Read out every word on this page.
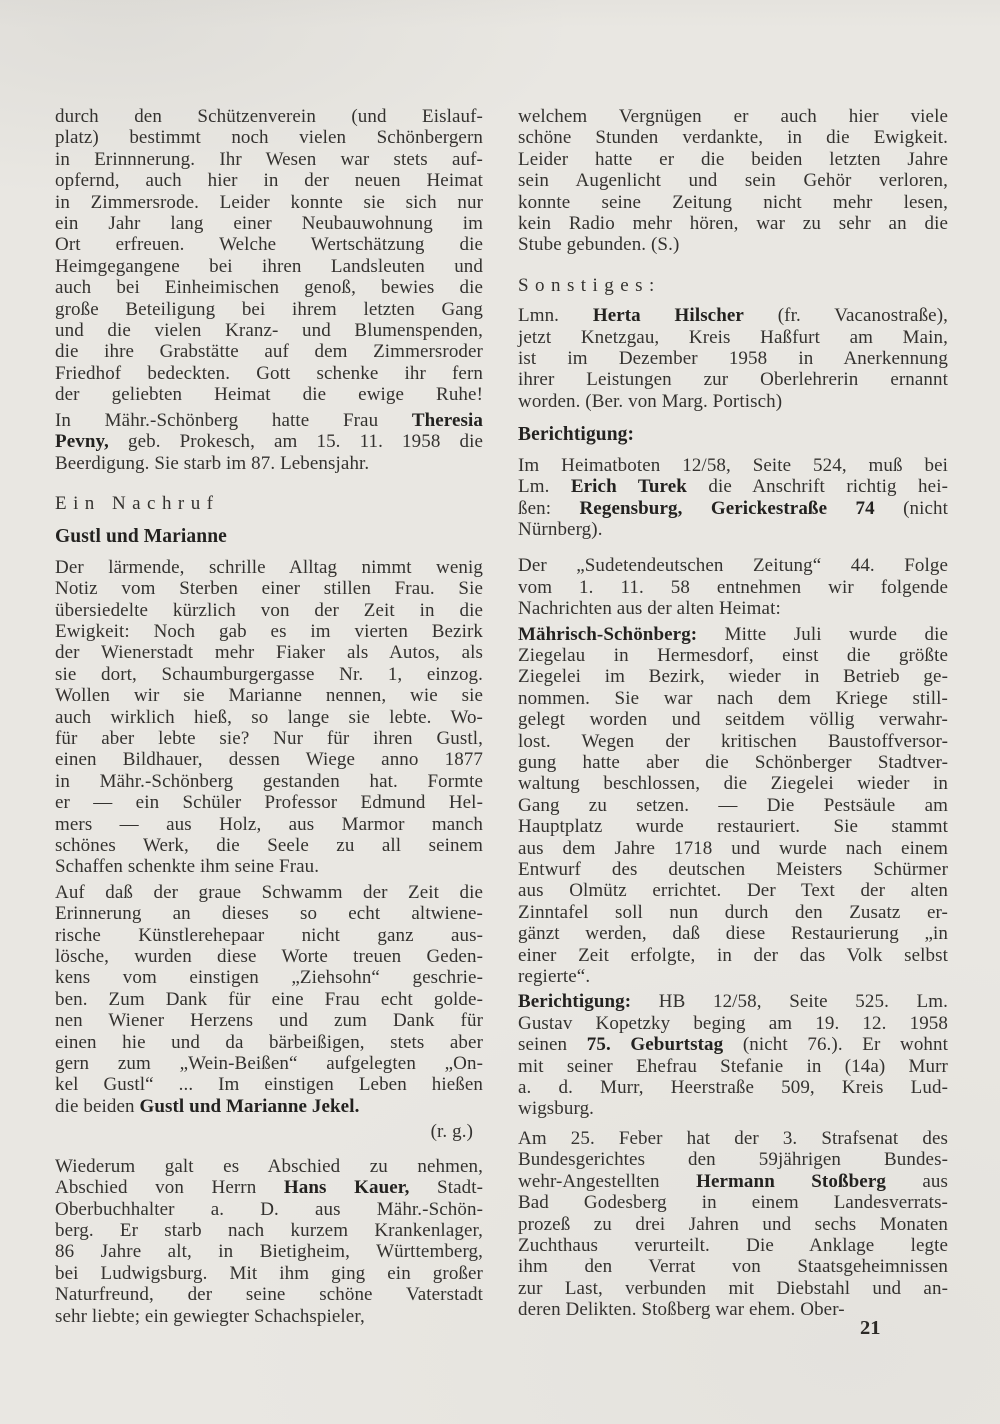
durch den Schützenverein (und Eislauf-
platz) bestimmt noch vielen Schönbergern
in Erinnnerung. Ihr Wesen war stets auf-
opfernd, auch hier in der neuen Heimat
in Zimmersrode. Leider konnte sie sich nur
ein Jahr lang einer Neubauwohnung im
Ort erfreuen. Welche Wertschätzung die
Heimgegangene bei ihren Landsleuten und
auch bei Einheimischen genoß, bewies die
große Beteiligung bei ihrem letzten Gang
und die vielen Kranz- und Blumenspenden,
die ihre Grabstätte auf dem Zimmersroder
Friedhof bedeckten. Gott schenke ihr fern
der geliebten Heimat die ewige Ruhe!
In Mähr.-Schönberg hatte Frau Theresia
Pevny, geb. Prokesch, am 15. 11. 1958 die
Beerdigung. Sie starb im 87. Lebensjahr.
Ein Nachruf
Gustl und Marianne
Der lärmende, schrille Alltag nimmt wenig
Notiz vom Sterben einer stillen Frau. Sie
übersiedelte kürzlich von der Zeit in die
Ewigkeit: Noch gab es im vierten Bezirk
der Wienerstadt mehr Fiaker als Autos, als
sie dort, Schaumburgergasse Nr. 1, einzog.
Wollen wir sie Marianne nennen, wie sie
auch wirklich hieß, so lange sie lebte. Wo-
für aber lebte sie? Nur für ihren Gustl,
einen Bildhauer, dessen Wiege anno 1877
in Mähr.-Schönberg gestanden hat. Formte
er — ein Schüler Professor Edmund Hel-
mers — aus Holz, aus Marmor manch
schönes Werk, die Seele zu all seinem
Schaffen schenkte ihm seine Frau.
Auf daß der graue Schwamm der Zeit die
Erinnerung an dieses so echt altwiene-
rische Künstlerehepaar nicht ganz aus-
lösche, wurden diese Worte treuen Geden-
kens vom einstigen „Ziehsohn“ geschrie-
ben. Zum Dank für eine Frau echt golde-
nen Wiener Herzens und zum Dank für
einen hie und da bärbeißigen, stets aber
gern zum „Wein-Beißen“ aufgelegten „On-
kel Gustl“ ... Im einstigen Leben hießen
die beiden Gustl und Marianne Jekel.
(r. g.)
Wiederum galt es Abschied zu nehmen,
Abschied von Herrn Hans Kauer, Stadt-
Oberbuchhalter a. D. aus Mähr.-Schön-
berg. Er starb nach kurzem Krankenlager,
86 Jahre alt, in Bietigheim, Württemberg,
bei Ludwigsburg. Mit ihm ging ein großer
Naturfreund, der seine schöne Vaterstadt
sehr liebte; ein gewiegter Schachspieler,
welchem Vergnügen er auch hier viele
schöne Stunden verdankte, in die Ewigkeit.
Leider hatte er die beiden letzten Jahre
sein Augenlicht und sein Gehör verloren,
konnte seine Zeitung nicht mehr lesen,
kein Radio mehr hören, war zu sehr an die
Stube gebunden. (S.)
Sonstiges:
Lmn. Herta Hilscher (fr. Vacanostraße),
jetzt Knetzgau, Kreis Haßfurt am Main,
ist im Dezember 1958 in Anerkennung
ihrer Leistungen zur Oberlehrerin ernannt
worden. (Ber. von Marg. Portisch)
Berichtigung:
Im Heimatboten 12/58, Seite 524, muß bei
Lm. Erich Turek die Anschrift richtig hei-
ßen: Regensburg, Gerickestraße 74 (nicht
Nürnberg).
Der „Sudetendeutschen Zeitung“ 44. Folge
vom 1. 11. 58 entnehmen wir folgende
Nachrichten aus der alten Heimat:
Mährisch-Schönberg: Mitte Juli wurde die
Ziegelau in Hermesdorf, einst die größte
Ziegelei im Bezirk, wieder in Betrieb ge-
nommen. Sie war nach dem Kriege still-
gelegt worden und seitdem völlig verwahr-
lost. Wegen der kritischen Baustoffversor-
gung hatte aber die Schönberger Stadtver-
waltung beschlossen, die Ziegelei wieder in
Gang zu setzen. — Die Pestsäule am
Hauptplatz wurde restauriert. Sie stammt
aus dem Jahre 1718 und wurde nach einem
Entwurf des deutschen Meisters Schürmer
aus Olmütz errichtet. Der Text der alten
Zinntafel soll nun durch den Zusatz er-
gänzt werden, daß diese Restaurierung „in
einer Zeit erfolgte, in der das Volk selbst
regierte“.
Berichtigung: HB 12/58, Seite 525. Lm.
Gustav Kopetzky beging am 19. 12. 1958
seinen 75. Geburtstag (nicht 76.). Er wohnt
mit seiner Ehefrau Stefanie in (14a) Murr
a. d. Murr, Heerstraße 509, Kreis Lud-
wigsburg.
Am 25. Feber hat der 3. Strafsenat des
Bundesgerichtes den 59jährigen Bundes-
wehr-Angestellten Hermann Stoßberg aus
Bad Godesberg in einem Landesverrats-
prozeß zu drei Jahren und sechs Monaten
Zuchthaus verurteilt. Die Anklage legte
ihm den Verrat von Staatsgeheimnissen
zur Last, verbunden mit Diebstahl und an-
deren Delikten. Stoßberg war ehem. Ober-
21
